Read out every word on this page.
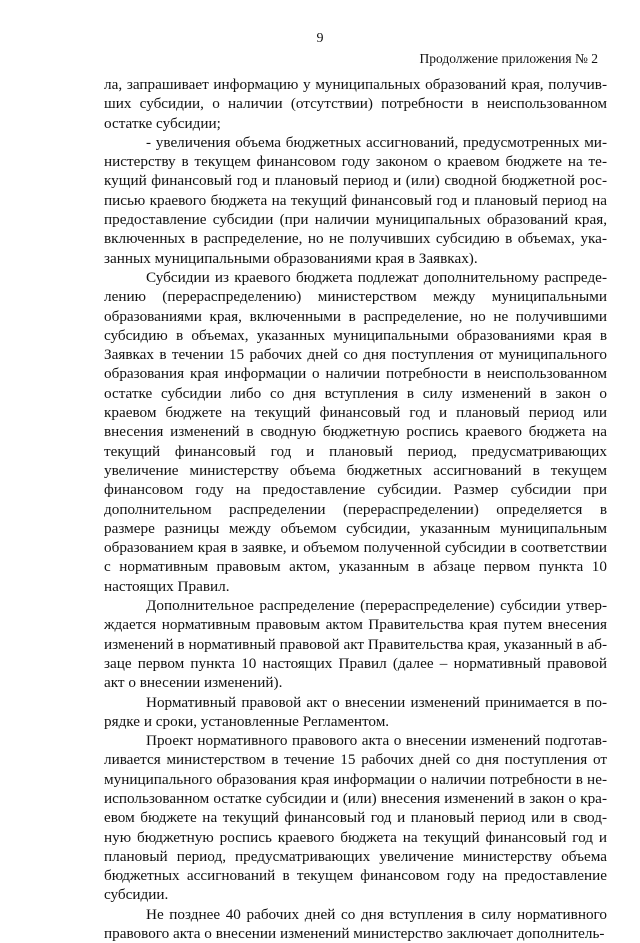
9
Продолжение приложения № 2

ла, запрашивает информацию у муниципальных образований края, получивших субсидии, о наличии (отсутствии) потребности в неиспользованном остатке субсидии;

- увеличения объема бюджетных ассигнований, предусмотренных министерству в текущем финансовом году законом о краевом бюджете на текущий финансовый год и плановый период и (или) сводной бюджетной росписью краевого бюджета на текущий финансовый год и плановый период на предоставление субсидии (при наличии муниципальных образований края, включенных в распределение, но не получивших субсидию в объемах, указанных муниципальными образованиями края в Заявках).

Субсидии из краевого бюджета подлежат дополнительному распределению (перераспределению) министерством между муниципальными образованиями края, включенными в распределение, но не получившими субсидию в объемах, указанных муниципальными образованиями края в Заявках в течении 15 рабочих дней со дня поступления от муниципального образования края информации о наличии потребности в неиспользованном остатке субсидии либо со дня вступления в силу изменений в закон о краевом бюджете на текущий финансовый год и плановый период или внесения изменений в сводную бюджетную роспись краевого бюджета на текущий финансовый год и плановый период, предусматривающих увеличение министерству объема бюджетных ассигнований в текущем финансовом году на предоставление субсидии. Размер субсидии при дополнительном распределении (перераспределении) определяется в размере разницы между объемом субсидии, указанным муниципальным образованием края в заявке, и объемом полученной субсидии в соответствии с нормативным правовым актом, указанным в абзаце первом пункта 10 настоящих Правил.

Дополнительное распределение (перераспределение) субсидии утверждается нормативным правовым актом Правительства края путем внесения изменений в нормативный правовой акт Правительства края, указанный в абзаце первом пункта 10 настоящих Правил (далее – нормативный правовой акт о внесении изменений).

Нормативный правовой акт о внесении изменений принимается в порядке и сроки, установленные Регламентом.

Проект нормативного правового акта о внесении изменений подготавливается министерством в течение 15 рабочих дней со дня поступления от муниципального образования края информации о наличии потребности в неиспользованном остатке субсидии и (или) внесения изменений в закон о краевом бюджете на текущий финансовый год и плановый период или в сводную бюджетную роспись краевого бюджета на текущий финансовый год и плановый период, предусматривающих увеличение министерству объема бюджетных ассигнований в текущем финансовом году на предоставление субсидии.

Не позднее 40 рабочих дней со дня вступления в силу нормативного правового акта о внесении изменений министерство заключает дополнитель-
